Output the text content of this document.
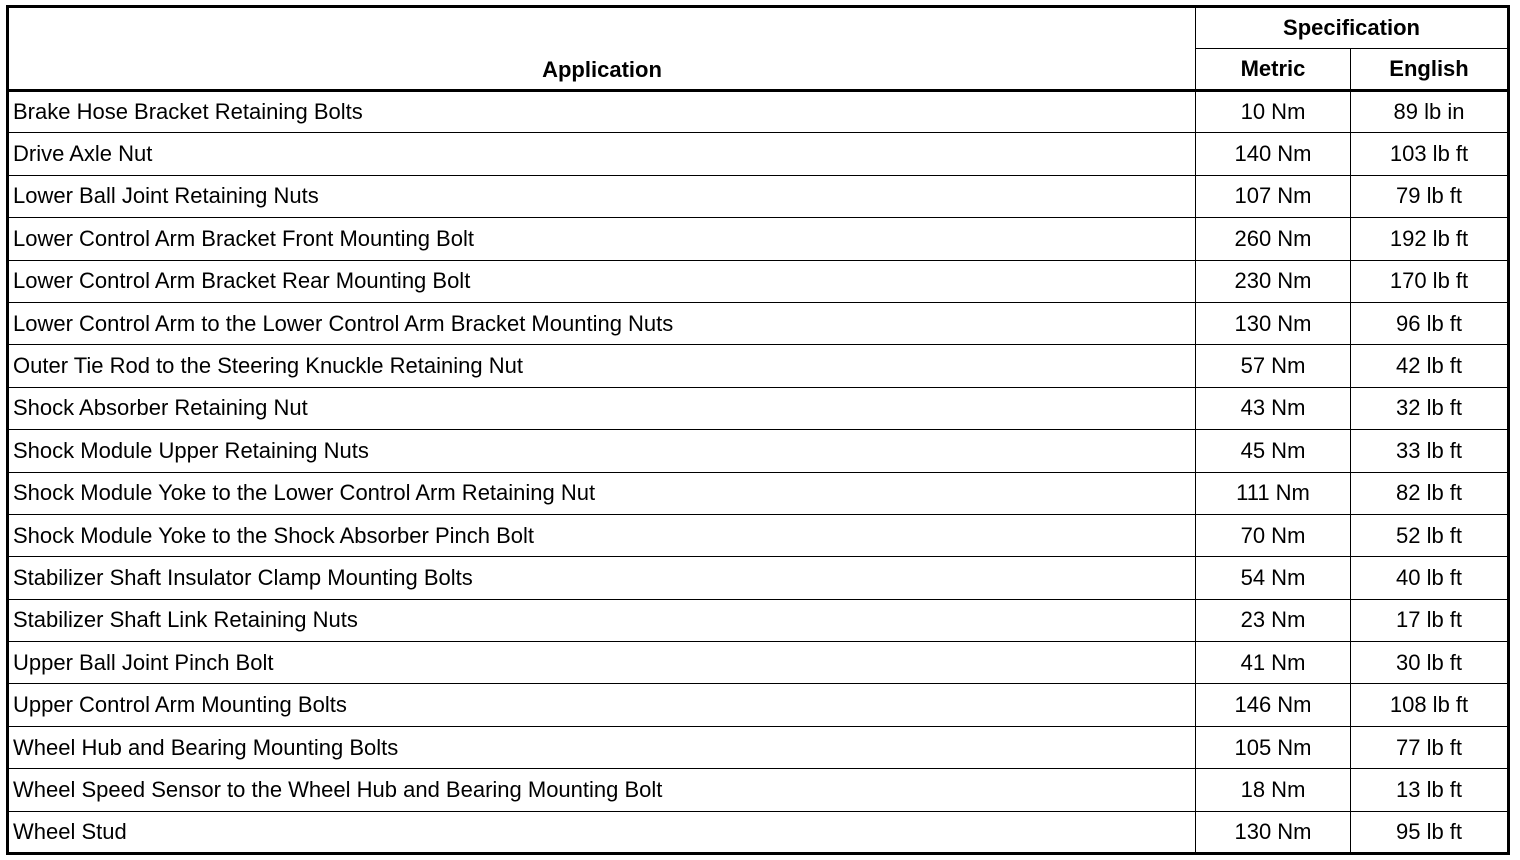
Application	Specification	
	Metric	English
Brake Hose Bracket Retaining Bolts	10 Nm	89 lb in
Drive Axle Nut	140 Nm	103 lb ft
Lower Ball Joint Retaining Nuts	107 Nm	79 lb ft
Lower Control Arm Bracket Front Mounting Bolt	260 Nm	192 lb ft
Lower Control Arm Bracket Rear Mounting Bolt	230 Nm	170 lb ft
Lower Control Arm to the Lower Control Arm Bracket Mounting Nuts	130 Nm	96 lb ft
Outer Tie Rod to the Steering Knuckle Retaining Nut	57 Nm	42 lb ft
Shock Absorber Retaining Nut	43 Nm	32 lb ft
Shock Module Upper Retaining Nuts	45 Nm	33 lb ft
Shock Module Yoke to the Lower Control Arm Retaining Nut	111 Nm	82 lb ft
Shock Module Yoke to the Shock Absorber Pinch Bolt	70 Nm	52 lb ft
Stabilizer Shaft Insulator Clamp Mounting Bolts	54 Nm	40 lb ft
Stabilizer Shaft Link Retaining Nuts	23 Nm	17 lb ft
Upper Ball Joint Pinch Bolt	41 Nm	30 lb ft
Upper Control Arm Mounting Bolts	146 Nm	108 lb ft
Wheel Hub and Bearing Mounting Bolts	105 Nm	77 lb ft
Wheel Speed Sensor to the Wheel Hub and Bearing Mounting Bolt	18 Nm	13 lb ft
Wheel Stud	130 Nm	95 lb ft
